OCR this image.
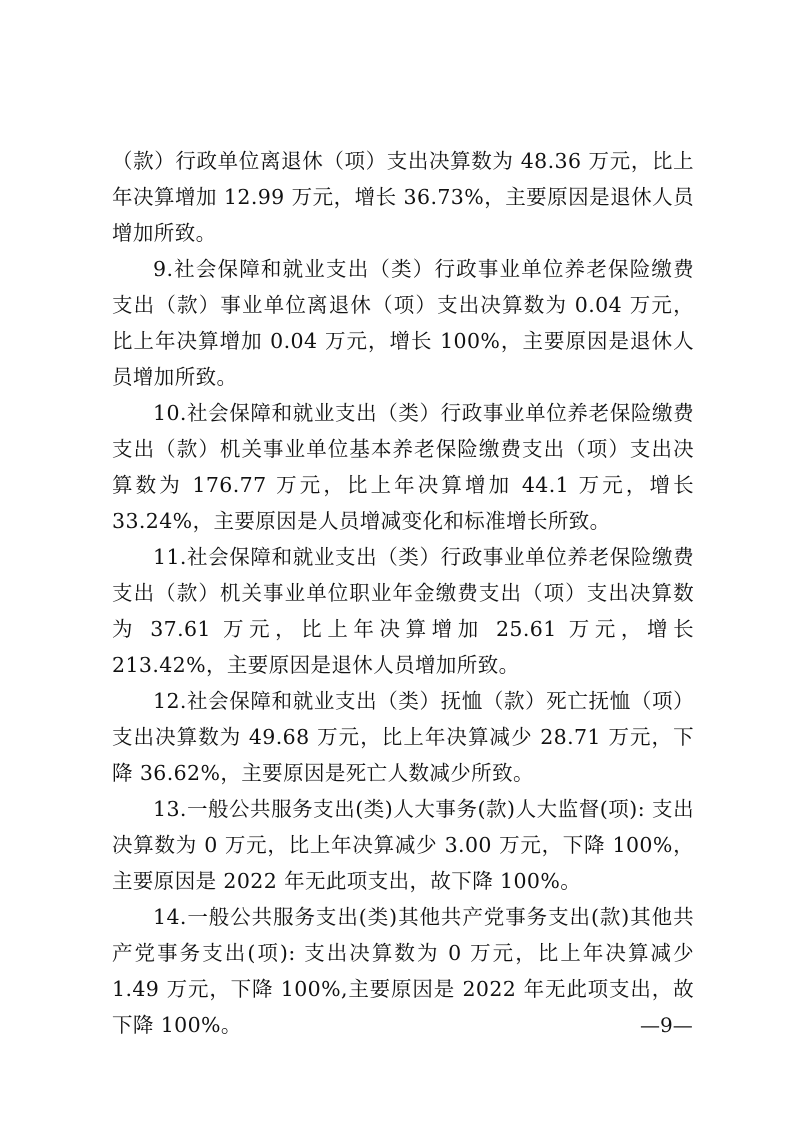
（款）行政单位离退休（项）支出决算数为 48.36 万元，比上年决算增加 12.99 万元，增长 36.73%，主要原因是退休人员增加所致。

9.社会保障和就业支出（类）行政事业单位养老保险缴费支出（款）事业单位离退休（项）支出决算数为 0.04 万元，比上年决算增加 0.04 万元，增长 100%，主要原因是退休人员增加所致。

10.社会保障和就业支出（类）行政事业单位养老保险缴费支出（款）机关事业单位基本养老保险缴费支出（项）支出决算数为 176.77 万元，比上年决算增加 44.1 万元，增长 33.24%，主要原因是人员增减变化和标准增长所致。

11.社会保障和就业支出（类）行政事业单位养老保险缴费支出（款）机关事业单位职业年金缴费支出（项）支出决算数为 37.61 万元，比上年决算增加 25.61 万元，增长 213.42%，主要原因是退休人员增加所致。

12.社会保障和就业支出（类）抚恤（款）死亡抚恤（项）支出决算数为 49.68 万元，比上年决算减少 28.71 万元，下降 36.62%，主要原因是死亡人数减少所致。

13.一般公共服务支出(类)人大事务(款)人大监督(项): 支出决算数为 0 万元，比上年决算减少 3.00 万元，下降 100%，主要原因是 2022 年无此项支出，故下降 100%。

14.一般公共服务支出(类)其他共产党事务支出(款)其他共产党事务支出(项): 支出决算数为 0 万元，比上年决算减少 1.49 万元，下降 100%,主要原因是 2022 年无此项支出，故下降 100%。	—9—
